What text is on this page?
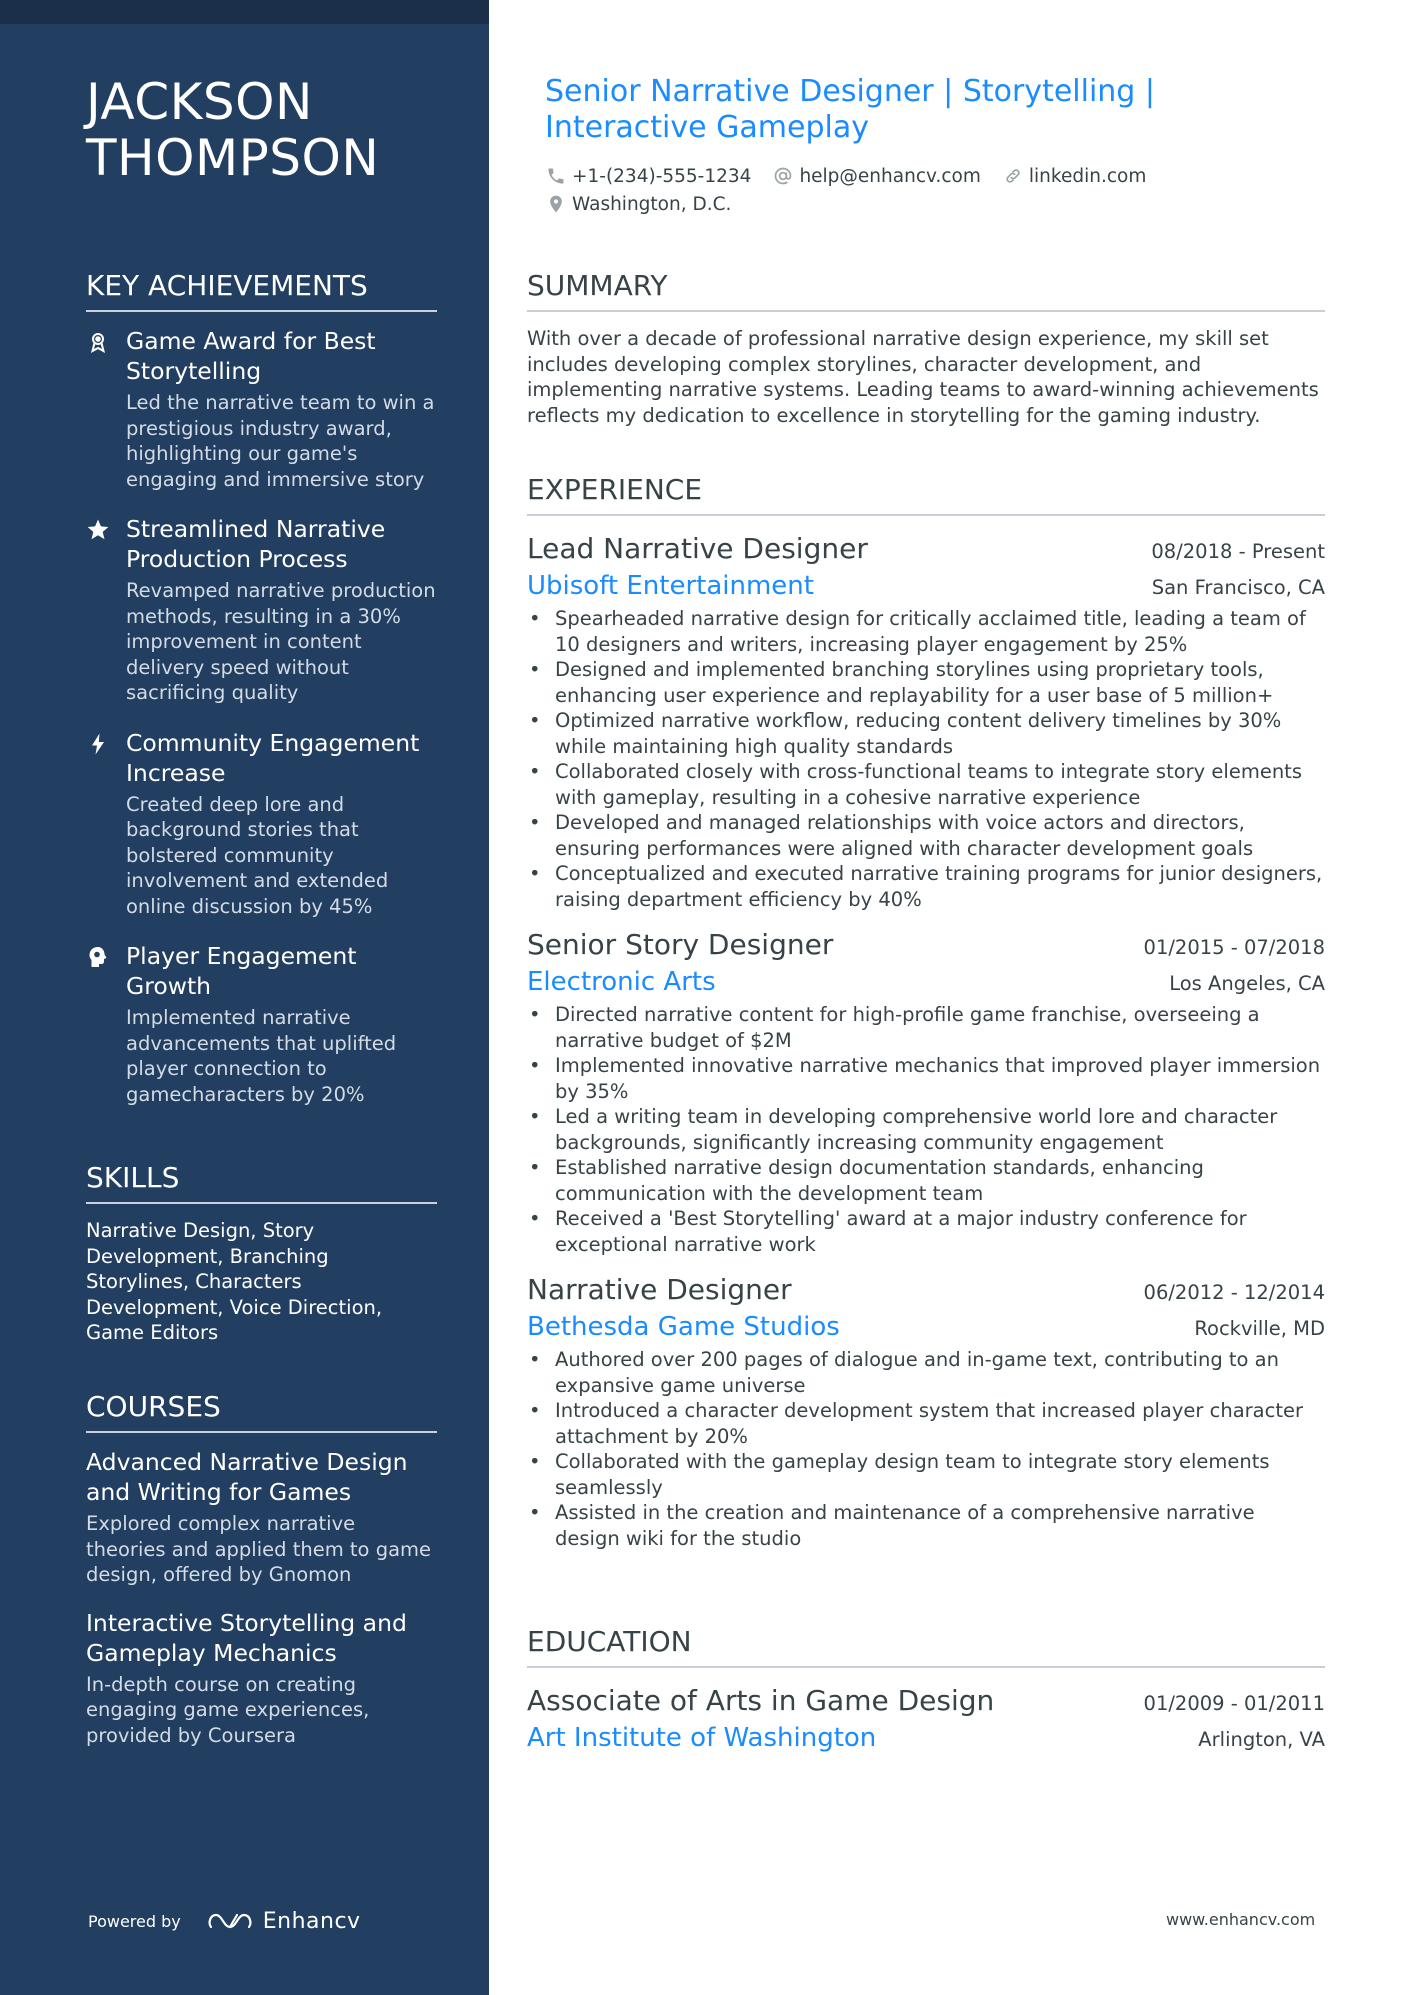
JACKSON THOMPSON
KEY ACHIEVEMENTS
Game Award for Best Storytelling
Led the narrative team to win a prestigious industry award, highlighting our game's engaging and immersive story
Streamlined Narrative Production Process
Revamped narrative production methods, resulting in a 30% improvement in content delivery speed without sacrificing quality
Community Engagement Increase
Created deep lore and background stories that bolstered community involvement and extended online discussion by 45%
Player Engagement Growth
Implemented narrative advancements that uplifted player connection to gamecharacters by 20%
SKILLS
Narrative Design, Story Development, Branching Storylines, Characters Development, Voice Direction, Game Editors
COURSES
Advanced Narrative Design and Writing for Games
Explored complex narrative theories and applied them to game design, offered by Gnomon
Interactive Storytelling and Gameplay Mechanics
In-depth course on creating engaging game experiences, provided by Coursera
Powered by	Enhancv
Senior Narrative Designer | Storytelling | Interactive Gameplay
+1-(234)-555-1234	help@enhancv.com	linkedin.com
Washington, D.C.
SUMMARY

With over a decade of professional narrative design experience, my skill set includes developing complex storylines, character development, and implementing narrative systems. Leading teams to award-winning achievements reflects my dedication to excellence in storytelling for the gaming industry.

EXPERIENCE
Lead Narrative Designer	08/2018 - Present
Ubisoft Entertainment	San Francisco, CA
• Spearheaded narrative design for critically acclaimed title, leading a team of 10 designers and writers, increasing player engagement by 25%
• Designed and implemented branching storylines using proprietary tools, enhancing user experience and replayability for a user base of 5 million+
• Optimized narrative workflow, reducing content delivery timelines by 30% while maintaining high quality standards
• Collaborated closely with cross-functional teams to integrate story elements with gameplay, resulting in a cohesive narrative experience
• Developed and managed relationships with voice actors and directors, ensuring performances were aligned with character development goals
• Conceptualized and executed narrative training programs for junior designers, raising department efficiency by 40%
Senior Story Designer	01/2015 - 07/2018
Electronic Arts	Los Angeles, CA
• Directed narrative content for high-profile game franchise, overseeing a narrative budget of $2M
• Implemented innovative narrative mechanics that improved player immersion by 35%
• Led a writing team in developing comprehensive world lore and character backgrounds, significantly increasing community engagement
• Established narrative design documentation standards, enhancing communication with the development team
• Received a 'Best Storytelling' award at a major industry conference for exceptional narrative work
Narrative Designer	06/2012 - 12/2014
Bethesda Game Studios	Rockville, MD
• Authored over 200 pages of dialogue and in-game text, contributing to an expansive game universe
• Introduced a character development system that increased player character attachment by 20%
• Collaborated with the gameplay design team to integrate story elements seamlessly
• Assisted in the creation and maintenance of a comprehensive narrative design wiki for the studio
EDUCATION
Associate of Arts in Game Design	01/2009 - 01/2011
Art Institute of Washington	Arlington, VA
www.enhancv.com
